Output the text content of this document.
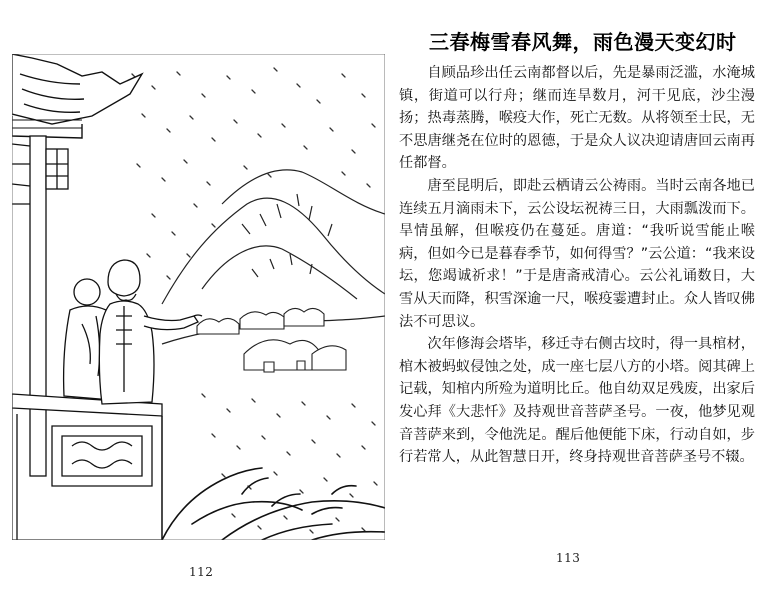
112
三春梅雪春风舞，雨色漫天变幻时

自顾品珍出任云南都督以后，先是暴雨泛滥，水淹城镇，街道可以行舟；继而连旱数月，河干见底，沙尘漫扬；热毒蒸腾，喉疫大作，死亡无数。从将领至士民，无不思唐继尧在位时的恩德，于是众人议决迎请唐回云南再任都督。

唐至昆明后，即赴云栖请云公祷雨。当时云南各地已连续五月滴雨未下，云公设坛祝祷三日，大雨瓢泼而下。旱情虽解，但喉疫仍在蔓延。唐道：“我听说雪能止喉病，但如今已是暮春季节，如何得雪？”云公道：“我来设坛，您竭诚祈求！”于是唐斋戒清心。云公礼诵数日，大雪从天而降，积雪深逾一尺，喉疫霎遭封止。众人皆叹佛法不可思议。

次年修海会塔毕，移迁寺右侧古坟时，得一具棺材，棺木被蚂蚁侵蚀之处，成一座七层八方的小塔。阅其碑上记载，知棺内所殓为道明比丘。他自幼双足残废，出家后发心拜《大悲忏》及持观世音菩萨圣号。一夜，他梦见观音菩萨来到，令他洗足。醒后他便能下床，行动自如，步行若常人，从此智慧日开，终身持观世音菩萨圣号不辍。

113
